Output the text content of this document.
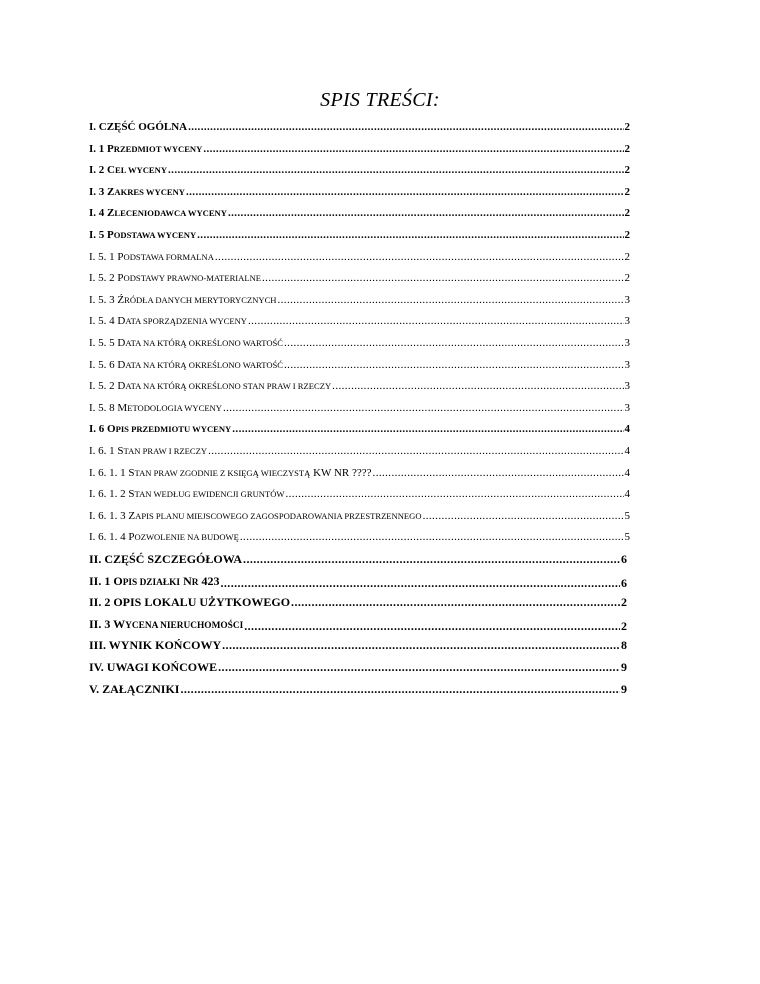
SPIS TREŚCI:
I. CZĘŚĆ OGÓLNA .....	2
I. 1 PRZEDMIOT WYCENY .....	2
I. 2 CEL WYCENY .....	2
I. 3 ZAKRES WYCENY .....	2
I. 4 ZLECENIODAWCA WYCENY .....	2
I. 5 PODSTAWA WYCENY .....	2
I. 5. 1 PODSTAWA FORMALNA .....	2
I. 5. 2 PODSTAWY PRAWNO-MATERIALNE .....	2
I. 5. 3 ŹRÓDŁA DANYCH MERYTORYCZNYCH .....	3
I. 5. 4 DATA SPORZĄDZENIA WYCENY .....	3
I. 5. 5 DATA NA KTÓRĄ OKREŚLONO WARTOŚĆ .....	3
I. 5. 6 DATA NA KTÓRĄ OKREŚLONO WARTOŚĆ .....	3
I. 5. 2 DATA NA KTÓRĄ OKREŚLONO STAN PRAW I RZECZY .....	3
I. 5. 8 METODOLOGIA WYCENY .....	3
I. 6 OPIS PRZEDMIOTU WYCENY .....	4
I. 6. 1 STAN PRAW I RZECZY .....	4
I. 6. 1. 1 STAN PRAW ZGODNIE Z KSIĘGĄ WIECZYSTĄ KW NR ???? .....	4
I. 6. 1. 2 STAN WEDŁUG EWIDENCJI GRUNTÓW .....	4
I. 6. 1. 3 ZAPIS PLANU MIEJSCOWEGO ZAGOSPODAROWANIA PRZESTRZENNEGO .....	5
I. 6. 1. 4 POZWOLENIE NA BUDOWĘ .....	5
II. CZĘŚĆ SZCZEGÓŁOWA .....	6
II. 1 OPIS DZIAŁKI NR 423 .....	6
II. 2 OPIS LOKALU UŻYTKOWEGO .....	2
II. 3 WYCENA NIERUCHOMOŚCI .....	2
III. WYNIK KOŃCOWY .....	8
IV. UWAGI KOŃCOWE .....	9
V. ZAŁĄCZNIKI .....	9
